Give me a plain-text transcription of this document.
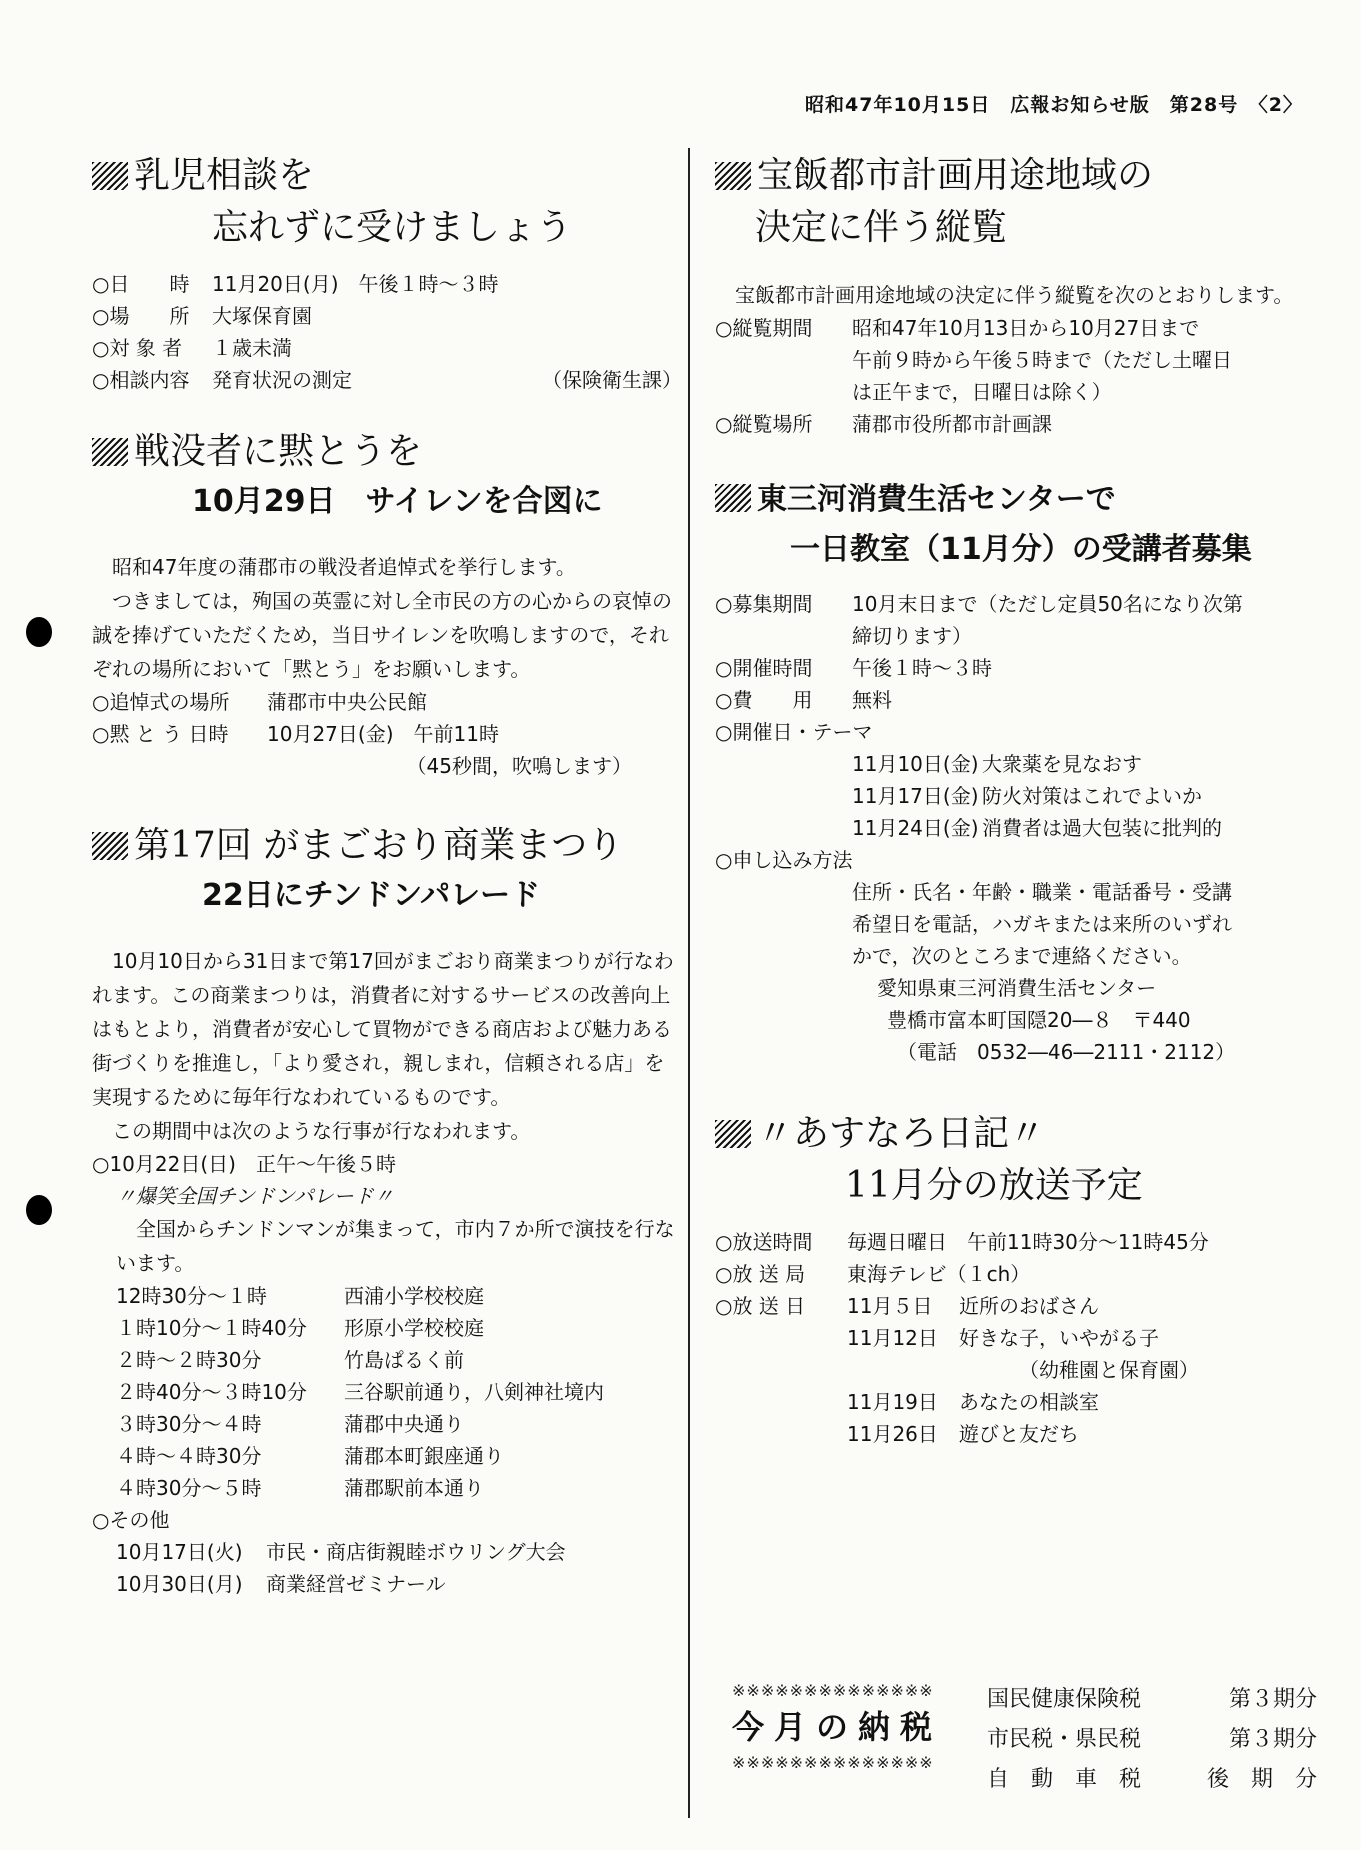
昭和47年10月15日　広報お知らせ版　第28号　〈2〉
乳児相談を
忘れずに受けましょう
○日　　時	11月20日(月)　午後１時～３時
○場　　所	大塚保育園
○対 象 者	１歳未満
○相談内容 発育状況の測定	（保険衛生課）
戦没者に黙とうを
10月29日　サイレンを合図に

昭和47年度の蒲郡市の戦没者追悼式を挙行します。

つきましては，殉国の英霊に対し全市民の方の心からの哀悼の誠を捧げていただくため，当日サイレンを吹鳴しますので，それぞれの場所において「黙とう」をお願いします。

○追悼式の場所	蒲郡市中央公民館
○黙 と う 日時	10月27日(金)　午前11時
（45秒間，吹鳴します）
第17回 がまごおり商業まつり
22日にチンドンパレード

10月10日から31日まで第17回がまごおり商業まつりが行なわれます。この商業まつりは，消費者に対するサービスの改善向上はもとより，消費者が安心して買物ができる商店および魅力ある街づくりを推進し，「より愛され，親しまれ，信頼される店」を実現するために毎年行なわれているものです。

この期間中は次のような行事が行なわれます。

○10月22日(日)　正午～午後５時
〃爆笑全国チンドンパレード〃

全国からチンドンマンが集まって，市内７か所で演技を行ないます。

12時30分～１時	西浦小学校校庭
１時10分～１時40分	形原小学校校庭
２時～２時30分	竹島ぱるく前
２時40分～３時10分	三谷駅前通り，八剣神社境内
３時30分～４時	蒲郡中央通り
４時～４時30分	蒲郡本町銀座通り
４時30分～５時	蒲郡駅前本通り
○その他
10月17日(火)	市民・商店街親睦ボウリング大会
10月30日(月)	商業経営ゼミナール
宝飯都市計画用途地域の
決定に伴う縦覧

宝飯都市計画用途地域の決定に伴う縦覧を次のとおりします。

○縦覧期間	昭和47年10月13日から10月27日まで
午前９時から午後５時まで（ただし土曜日
は正午まで，日曜日は除く）
○縦覧場所	蒲郡市役所都市計画課
東三河消費生活センターで
一日教室（11月分）の受講者募集
○募集期間	10月末日まで（ただし定員50名になり次第
締切ります）
○開催時間	午後１時～３時
○費　　用	無料
○開催日・テーマ
11月10日(金) 大衆薬を見なおす
11月17日(金) 防火対策はこれでよいか
11月24日(金) 消費者は過大包装に批判的
○申し込み方法
住所・氏名・年齢・職業・電話番号・受講
希望日を電話，ハガキまたは来所のいずれ
かで，次のところまで連絡ください。
愛知県東三河消費生活センター
豊橋市富本町国隠20―８　〒440
（電話　0532―46―2111・2112）
〃あすなろ日記〃
11月分の放送予定
○放送時間	毎週日曜日　午前11時30分～11時45分
○放 送 局	東海テレビ（１ch）
○放 送 日	11月５日	近所のおばさん
11月12日	好きな子，いやがる子
（幼稚園と保育園）
11月19日	あなたの相談室
11月26日	遊びと友だち
※※※※※※※※※※※※※※
今月の納税
※※※※※※※※※※※※※※
国民健康保険税	第３期分
市民税・県民税	第３期分
自　動　車　税	後　期　分
